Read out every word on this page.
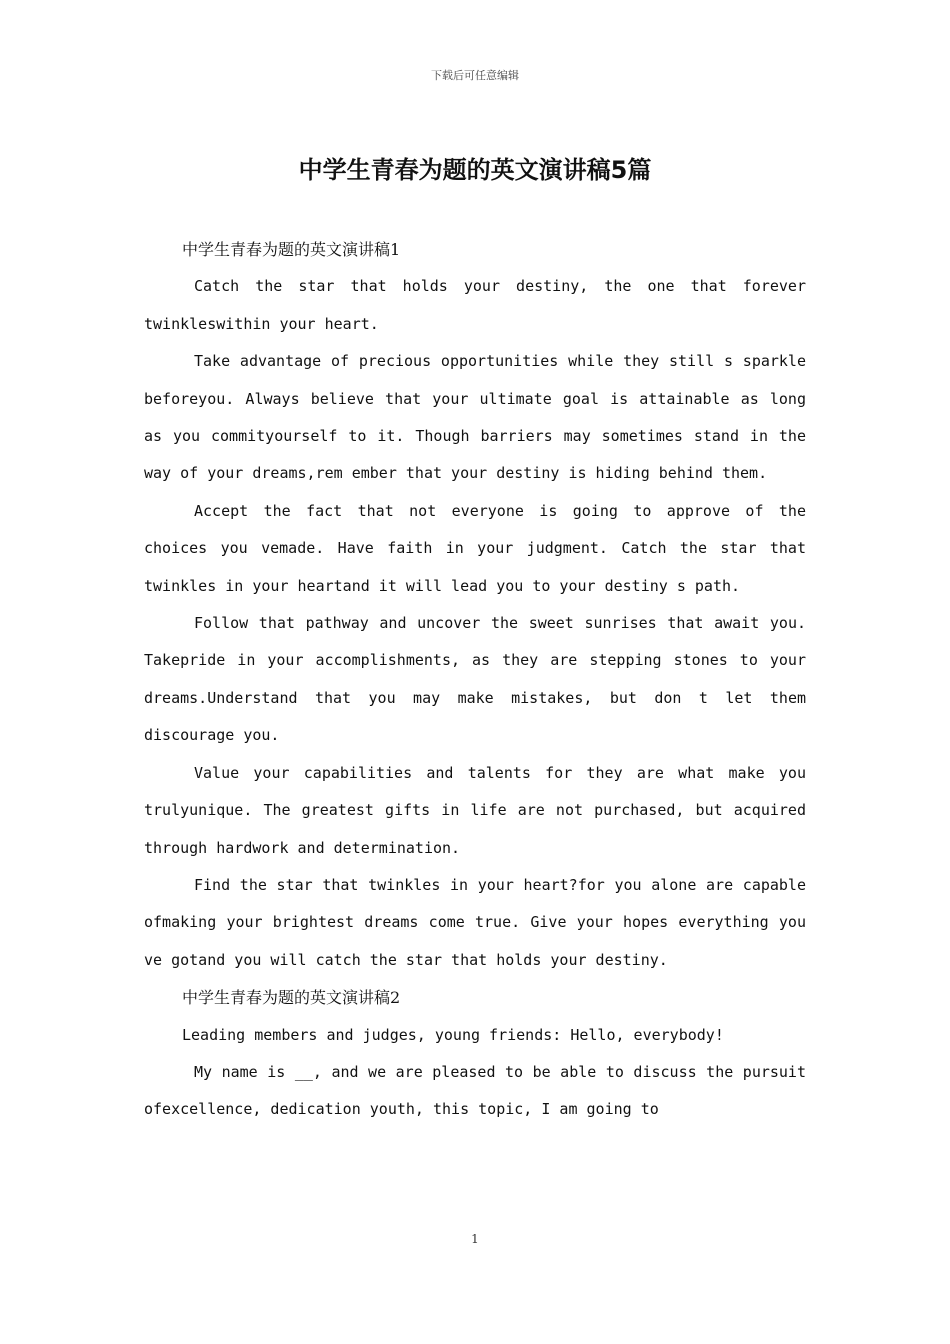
下载后可任意编辑
中学生青春为题的英文演讲稿5篇
中学生青春为题的英文演讲稿1

Catch the star that holds your destiny, the one that forever twinkleswithin your heart.

Take advantage of precious opportunities while they still s sparkle beforeyou. Always believe that your ultimate goal is attainable as long as you commityourself to it. Though barriers may sometimes stand in the way of your dreams,rem ember that your destiny is hiding behind them.

Accept the fact that not everyone is going to approve of the choices you vemade. Have faith in your judgment. Catch the star that twinkles in your heartand it will lead you to your destiny s path.

Follow that pathway and uncover the sweet sunrises that await you. Takepride in your accomplishments, as they are stepping stones to your dreams.Understand that you may make mistakes, but don t let them discourage you.

Value your capabilities and talents for they are what make you trulyunique. The greatest gifts in life are not purchased, but acquired through hardwork and determination.

Find the star that twinkles in your heart?for you alone are capable ofmaking your brightest dreams come true. Give your hopes everything you ve gotand you will catch the star that holds your destiny.

中学生青春为题的英文演讲稿2

Leading members and judges, young friends: Hello, everybody!

My name is __, and we are pleased to be able to discuss the pursuit ofexcellence, dedication youth, this topic, I am going to

1
